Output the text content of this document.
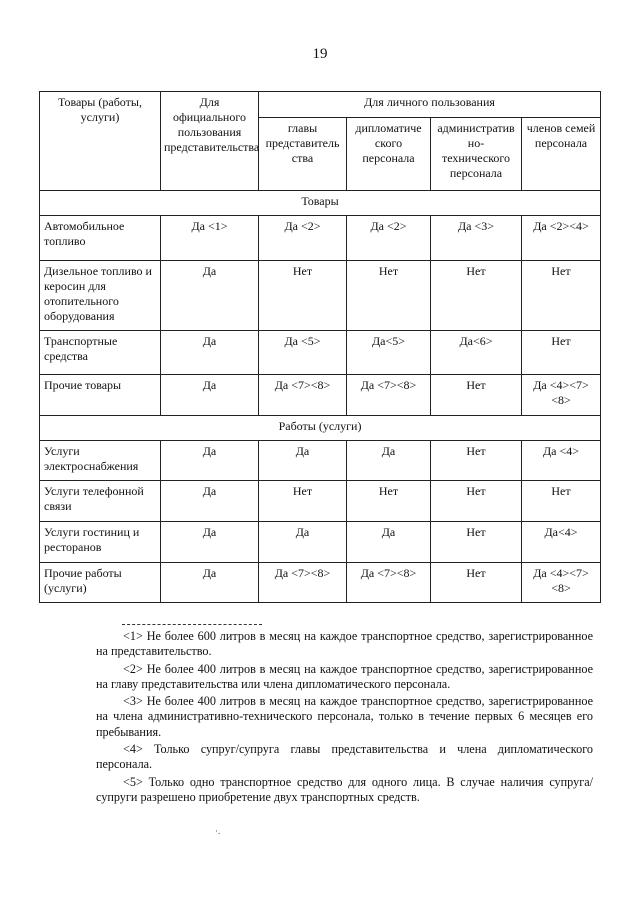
19
Товары (работы, услуги)	Для официального пользования представительства	Для личного пользования			
		главы представитель ства	дипломатиче ского персонала	административ но- технического персонала	членов семей персонала
Товары					
Автомобильное топливо	Да <1>	Да <2>	Да <2>	Да <3>	Да <2><4>
Дизельное топливо и керосин для отопительного оборудования	Да	Нет	Нет	Нет	Нет
Транспортные средства	Да	Да <5>	Да<5>	Да<6>	Нет
Прочие товары	Да	Да <7><8>	Да <7><8>	Нет	Да <4><7><8>
Работы (услуги)					
Услуги электроснабжения	Да	Да	Да	Нет	Да <4>
Услуги телефонной связи	Да	Нет	Нет	Нет	Нет
Услуги гостиниц и ресторанов	Да	Да	Да	Нет	Да<4>
Прочие работы (услуги)	Да	Да <7><8>	Да <7><8>	Нет	Да <4><7><8>

<1> Не более 600 литров в месяц на каждое транспортное средство, зарегистрированное на представительство.

<2> Не более 400 литров в месяц на каждое транспортное средство, зарегистрированное на главу представительства или члена дипломатического персонала.

<3> Не более 400 литров в месяц на каждое транспортное средство, зарегистрированное на члена административно-технического персонала, только в течение первых 6 месяцев его пребывания.

<4> Только супруг/супруга главы представительства и члена дипломатического персонала.

<5> Только одно транспортное средство для одного лица. В случае наличия супруга/супруги разрешено приобретение двух транспортных средств.

·.
